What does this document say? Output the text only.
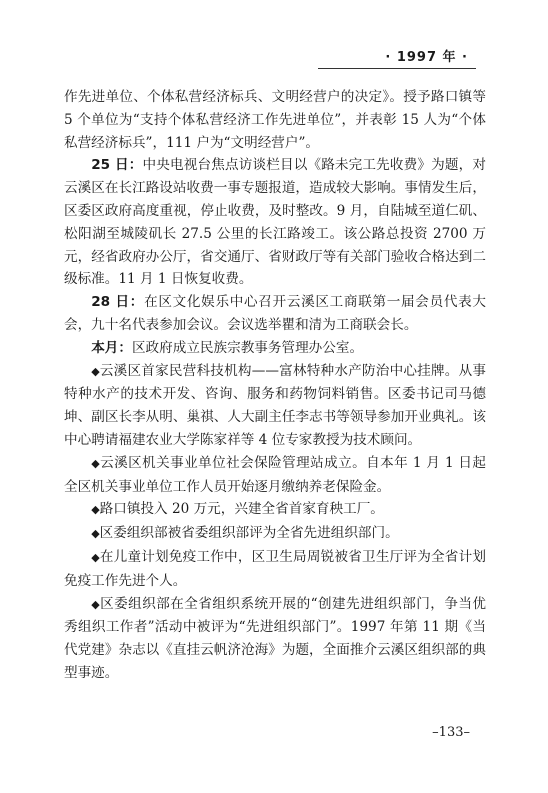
· 1997 年 ·

作先进单位、个体私营经济标兵、文明经营户的决定》。授予路口镇等 5 个单位为“支持个体私营经济工作先进单位”，并表彰 15 人为“个体私营经济标兵”，111 户为“文明经营户”。

25 日：中央电视台焦点访谈栏目以《路未完工先收费》为题，对云溪区在长江路设站收费一事专题报道，造成较大影响。事情发生后，区委区政府高度重视，停止收费，及时整改。9 月，自陆城至道仁矶、松阳湖至城陵矶长 27.5 公里的长江路竣工。该公路总投资 2700 万元，经省政府办公厅，省交通厅、省财政厅等有关部门验收合格达到二级标准。11 月 1 日恢复收费。

28 日：在区文化娱乐中心召开云溪区工商联第一届会员代表大会，九十名代表参加会议。会议选举瞿和清为工商联会长。

本月：区政府成立民族宗教事务管理办公室。

◆云溪区首家民营科技机构——富林特种水产防治中心挂牌。从事特种水产的技术开发、咨询、服务和药物饲料销售。区委书记司马德坤、副区长李从明、巢祺、人大副主任李志书等领导参加开业典礼。该中心聘请福建农业大学陈家祥等 4 位专家教授为技术顾问。

◆云溪区机关事业单位社会保险管理站成立。自本年 1 月 1 日起全区机关事业单位工作人员开始逐月缴纳养老保险金。

◆路口镇投入 20 万元，兴建全省首家育秧工厂。

◆区委组织部被省委组织部评为全省先进组织部门。

◆在儿童计划免疫工作中，区卫生局周锐被省卫生厅评为全省计划免疫工作先进个人。

◆区委组织部在全省组织系统开展的“创建先进组织部门，争当优秀组织工作者”活动中被评为“先进组织部门”。1997 年第 11 期《当代党建》杂志以《直挂云帆济沧海》为题，全面推介云溪区组织部的典型事迹。

–133–
